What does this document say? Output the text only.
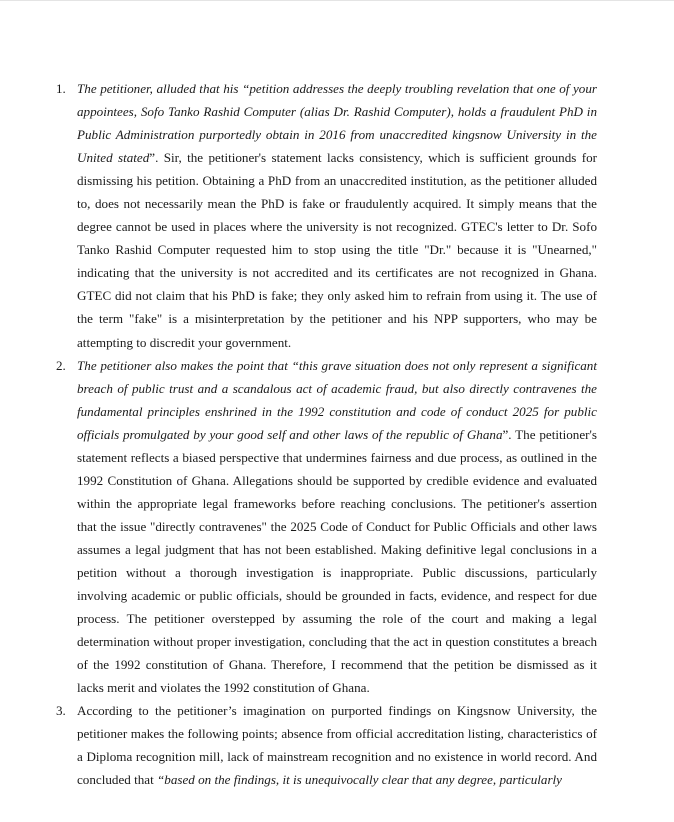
1. The petitioner, alluded that his “petition addresses the deeply troubling revelation that one of your appointees, Sofo Tanko Rashid Computer (alias Dr. Rashid Computer), holds a fraudulent PhD in Public Administration purportedly obtain in 2016 from unaccredited kingsnow University in the United stated”. Sir, the petitioner's statement lacks consistency, which is sufficient grounds for dismissing his petition. Obtaining a PhD from an unaccredited institution, as the petitioner alluded to, does not necessarily mean the PhD is fake or fraudulently acquired. It simply means that the degree cannot be used in places where the university is not recognized. GTEC's letter to Dr. Sofo Tanko Rashid Computer requested him to stop using the title "Dr." because it is "Unearned," indicating that the university is not accredited and its certificates are not recognized in Ghana. GTEC did not claim that his PhD is fake; they only asked him to refrain from using it. The use of the term "fake" is a misinterpretation by the petitioner and his NPP supporters, who may be attempting to discredit your government.
2. The petitioner also makes the point that “this grave situation does not only represent a significant breach of public trust and a scandalous act of academic fraud, but also directly contravenes the fundamental principles enshrined in the 1992 constitution and code of conduct 2025 for public officials promulgated by your good self and other laws of the republic of Ghana”. The petitioner's statement reflects a biased perspective that undermines fairness and due process, as outlined in the 1992 Constitution of Ghana. Allegations should be supported by credible evidence and evaluated within the appropriate legal frameworks before reaching conclusions. The petitioner's assertion that the issue "directly contravenes" the 2025 Code of Conduct for Public Officials and other laws assumes a legal judgment that has not been established. Making definitive legal conclusions in a petition without a thorough investigation is inappropriate. Public discussions, particularly involving academic or public officials, should be grounded in facts, evidence, and respect for due process. The petitioner overstepped by assuming the role of the court and making a legal determination without proper investigation, concluding that the act in question constitutes a breach of the 1992 constitution of Ghana. Therefore, I recommend that the petition be dismissed as it lacks merit and violates the 1992 constitution of Ghana.
3. According to the petitioner’s imagination on purported findings on Kingsnow University, the petitioner makes the following points; absence from official accreditation listing, characteristics of a Diploma recognition mill, lack of mainstream recognition and no existence in world record. And concluded that “based on the findings, it is unequivocally clear that any degree, particularly
